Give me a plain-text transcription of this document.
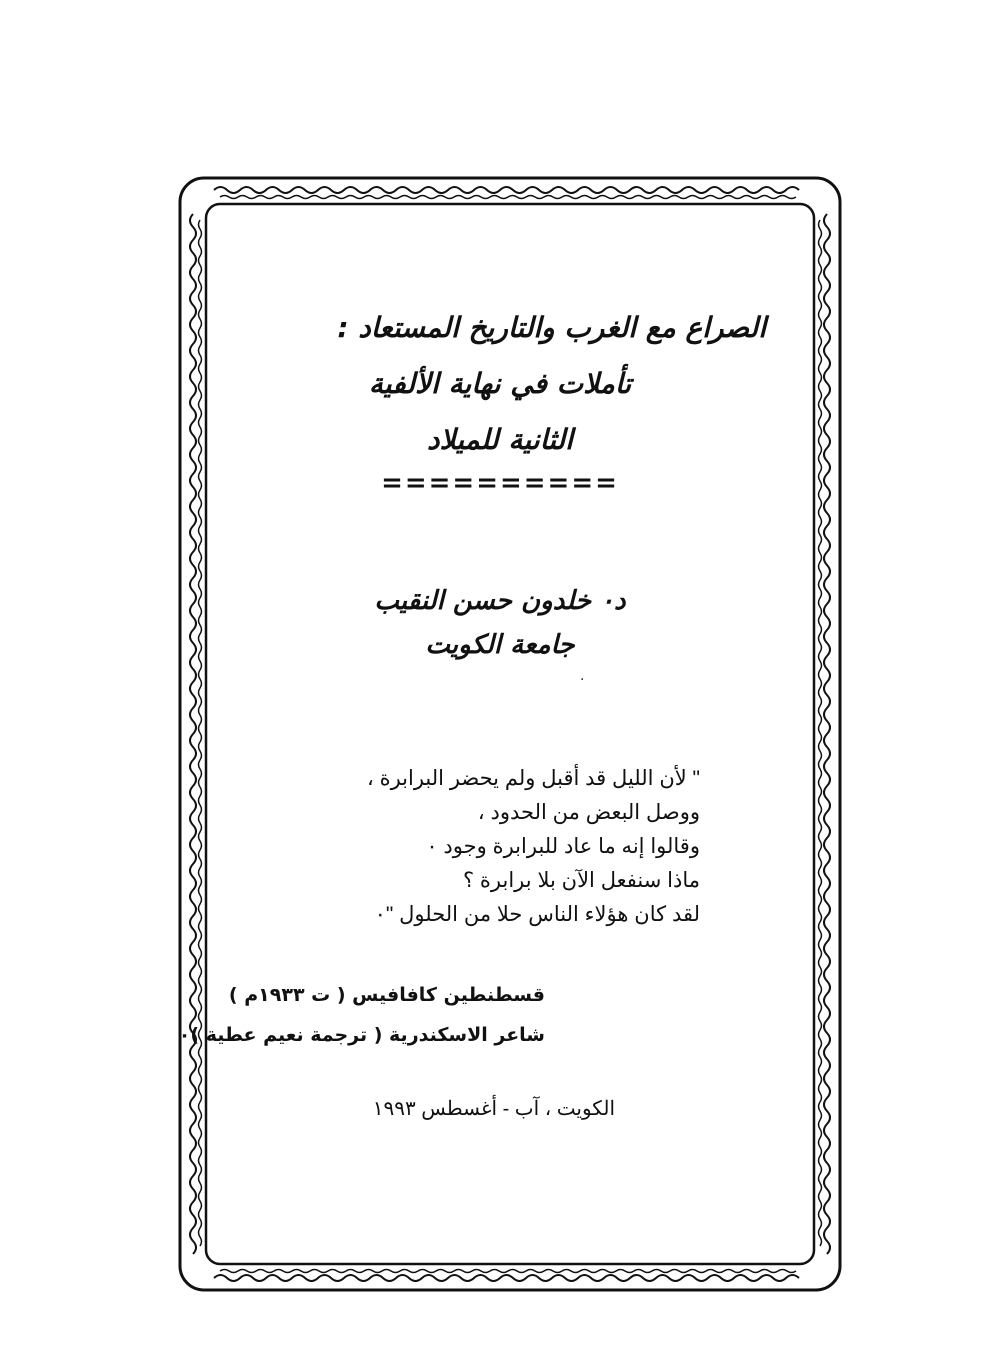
الصراع مع الغرب والتاريخ المستعاد :
تأملات في نهاية الألفية
الثانية للميلاد
==========
د٠ خلدون حسن النقيب
جامعة الكويت
" لأن الليل قد أقبل ولم يحضر البرابرة ،
ووصل البعض من الحدود ،
وقالوا إنه ما عاد للبرابرة وجود ٠
ماذا سنفعل الآن بلا برابرة ؟
لقد كان هؤلاء الناس حلا من الحلول "٠
قسطنطين كافافيس ( ت ١٩٣٣م )
شاعر الاسكندرية ( ترجمة نعيم عطية )٠
الكويت ، آب - أغسطس ١٩٩٣
·
